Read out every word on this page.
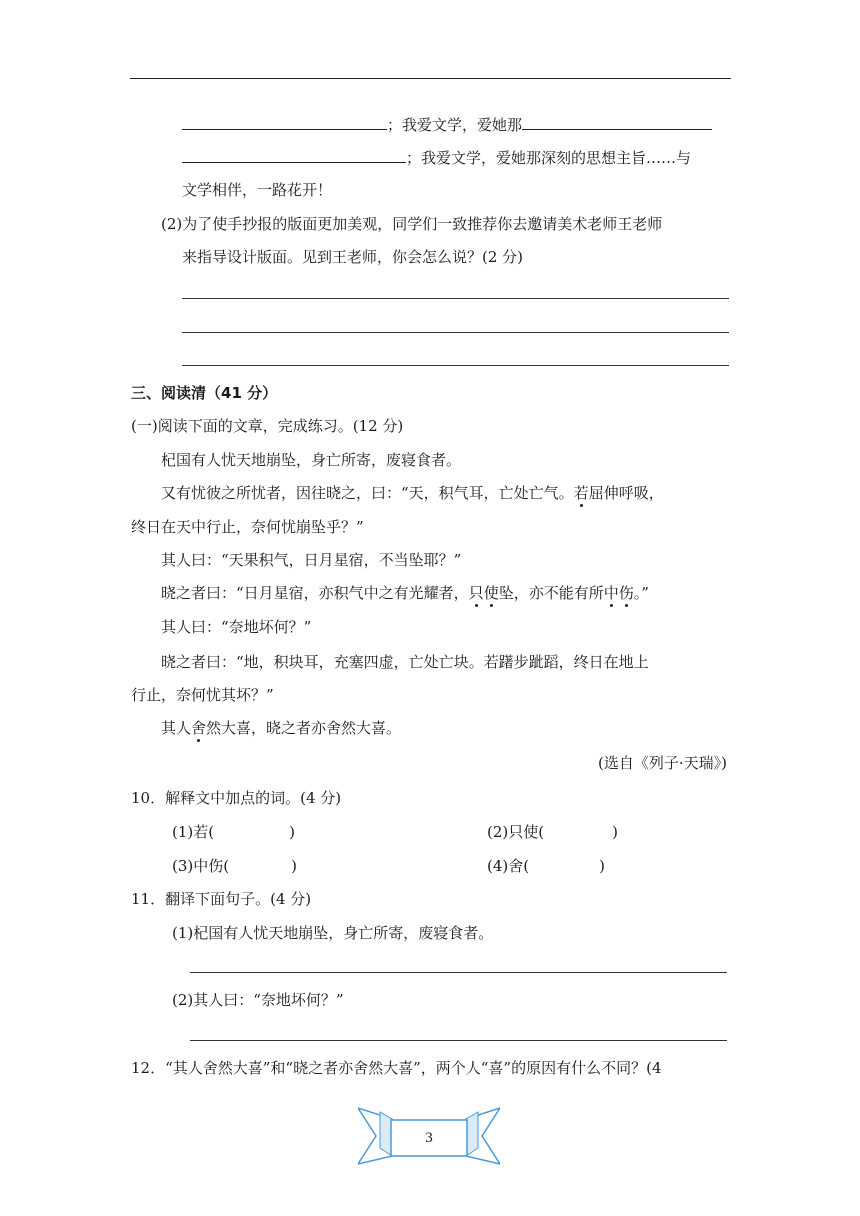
；我爱文学，爱她那
；我爱文学，爱她那深刻的思想主旨……与
文学相伴，一路花开！
(2)为了使手抄报的版面更加美观，同学们一致推荐你去邀请美术老师王老师
来指导设计版面。见到王老师，你会怎么说？(2 分)
三、阅读清（41 分）
(一)阅读下面的文章，完成练习。(12 分)
杞国有人忧天地崩坠，身亡所寄，废寝食者。
又有忧彼之所忧者，因往晓之，曰：“天，积气耳，亡处亡气。若屈伸呼吸，
终日在天中行止，奈何忧崩坠乎？”
其人曰：“天果积气，日月星宿，不当坠耶？”
晓之者曰：“日月星宿，亦积气中之有光耀者，只使坠，亦不能有所中伤。”
其人曰：“奈地坏何？”
晓之者曰：“地，积块耳，充塞四虚，亡处亡块。若躇步跐蹈，终日在地上
行止，奈何忧其坏？”
其人舍然大喜，晓之者亦舍然大喜。
(选自《列子·天瑞》)
10．解释文中加点的词。(4 分)
(1)若(	)	(2)只使(	)
(3)中伤(	)	(4)舍(	)
11．翻译下面句子。(4 分)
(1)杞国有人忧天地崩坠，身亡所寄，废寝食者。
(2)其人曰：“奈地坏何？”
12．“其人舍然大喜”和“晓之者亦舍然大喜”，两个人“喜”的原因有什么不同？(4
3
